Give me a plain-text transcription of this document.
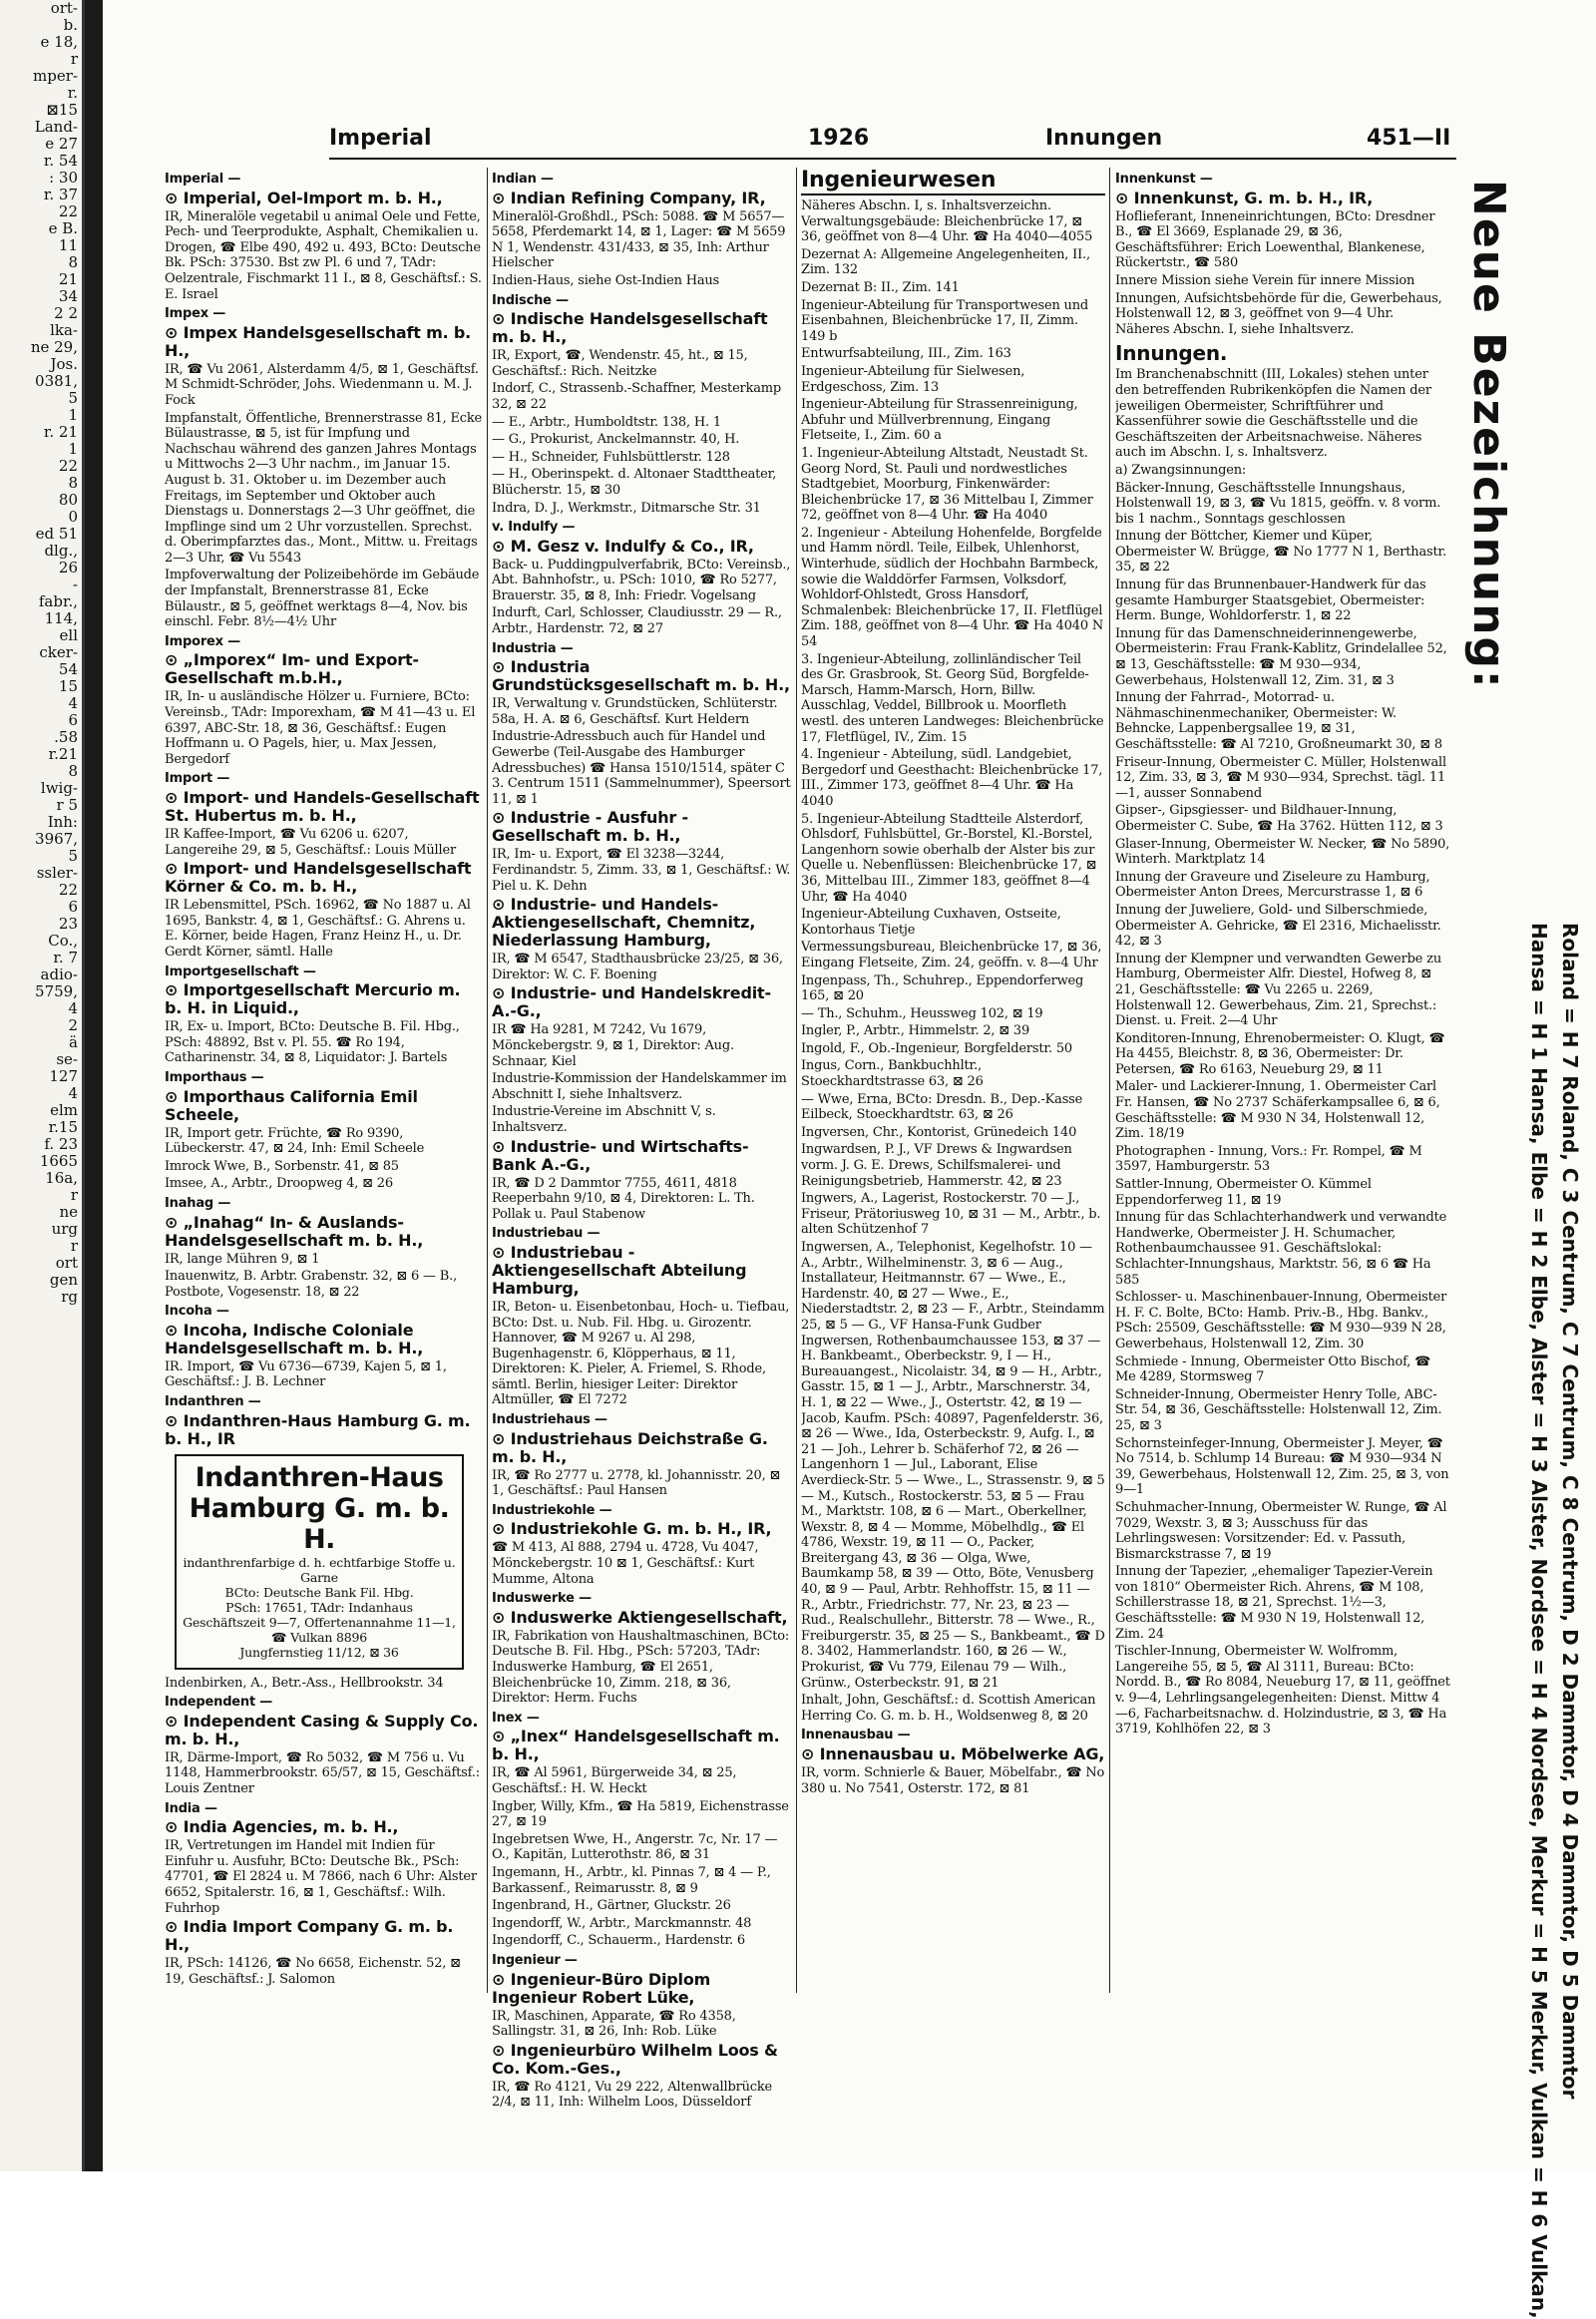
ort-
b.
e 18,
r
mper-
r.
⊠15
Land-
e 27
r. 54
: 30
r. 37
22
e B.
11
8
21
34
2 2
lka-
ne 29,
Jos.
0381,
5
1
r. 21
1
22
8
80
0
ed 51
dlg.,
26
-
fabr.,
114,
ell
cker-
54
15
4
6
.58
r.21
8
lwig-
r 5
Inh:
3967,
5
ssler-
22
6
23
Co.,
r. 7
adio-
5759,
4
2
ä
se-
127
4
elm
r.15
f. 23
1665
16a,
r
ne
urg
r
ort
gen
rg
Imperial	1926	Innungen	451—II
Imperial —
⊙ Imperial, Oel-Import m. b. H.,
IR, Mineralöle vegetabil u animal Oele und Fette, Pech- und Teerprodukte, Asphalt, Chemikalien u. Drogen, ☎ Elbe 490, 492 u. 493, BCto: Deutsche Bk. PSch: 37530. Bst zw Pl. 6 und 7, TAdr: Oelzentrale, Fischmarkt 11 I., ⊠ 8, Geschäftsf.: S. E. Israel
Impex —
⊙ Impex Handelsgesellschaft m. b. H.,
IR, ☎ Vu 2061, Alsterdamm 4/5, ⊠ 1, Geschäftsf. M Schmidt-Schröder, Johs. Wiedenmann u. M. J. Fock
Impfanstalt, Öffentliche, Brennerstrasse 81, Ecke Bülaustrasse, ⊠ 5, ist für Impfung und Nachschau während des ganzen Jahres Montags u Mittwochs 2—3 Uhr nachm., im Januar 15. August b. 31. Oktober u. im Dezember auch Freitags, im September und Oktober auch Dienstags u. Donnerstags 2—3 Uhr geöffnet, die Impflinge sind um 2 Uhr vorzustellen. Sprechst. d. Oberimpfarztes das., Mont., Mittw. u. Freitags 2—3 Uhr, ☎ Vu 5543
Impfoverwaltung der Polizeibehörde im Gebäude der Impfanstalt, Brennerstrasse 81, Ecke Bülaustr., ⊠ 5, geöffnet werktags 8—4, Nov. bis einschl. Febr. 8½—4½ Uhr
Imporex —
⊙ „Imporex“ Im- und Export-Gesellschaft m.b.H.,
IR, In- u ausländische Hölzer u. Furniere, BCto: Vereinsb., TAdr: Imporexham, ☎ M 41—43 u. El 6397, ABC-Str. 18, ⊠ 36, Geschäftsf.: Eugen Hoffmann u. O Pagels, hier, u. Max Jessen, Bergedorf
Import —
⊙ Import- und Handels-Gesellschaft St. Hubertus m. b. H.,
IR Kaffee-Import, ☎ Vu 6206 u. 6207, Langereihe 29, ⊠ 5, Geschäftsf.: Louis Müller
⊙ Import- und Handelsgesellschaft Körner & Co. m. b. H.,
IR Lebensmittel, PSch. 16962, ☎ No 1887 u. Al 1695, Bankstr. 4, ⊠ 1, Geschäftsf.: G. Ahrens u. E. Körner, beide Hagen, Franz Heinz H., u. Dr. Gerdt Körner, sämtl. Halle
Importgesellschaft —
⊙ Importgesellschaft Mercurio m. b. H. in Liquid.,
IR, Ex- u. Import, BCto: Deutsche B. Fil. Hbg., PSch: 48892, Bst v. Pl. 55. ☎ Ro 194, Catharinenstr. 34, ⊠ 8, Liquidator: J. Bartels
Importhaus —
⊙ Importhaus California Emil Scheele,
IR, Import getr. Früchte, ☎ Ro 9390, Lübeckerstr. 47, ⊠ 24, Inh: Emil Scheele
Imrock Wwe, B., Sorbenstr. 41, ⊠ 85
Imsee, A., Arbtr., Droopweg 4, ⊠ 26
Inahag —
⊙ „Inahag“ In- & Auslands-Handelsgesellschaft m. b. H.,
IR, lange Mühren 9, ⊠ 1
Inauenwitz, B. Arbtr. Grabenstr. 32, ⊠ 6 — B., Postbote, Vogesenstr. 18, ⊠ 22
Incoha —
⊙ Incoha, Indische Coloniale Handelsgesellschaft m. b. H.,
IR. Import, ☎ Vu 6736—6739, Kajen 5, ⊠ 1, Geschäftsf.: J. B. Lechner
Indanthren —
⊙ Indanthren-Haus Hamburg G. m. b. H., IR
Indanthren-Haus Hamburg G. m. b. H.
indanthrenfarbige d. h. echtfarbige Stoffe u. Garne
BCto: Deutsche Bank Fil. Hbg.
PSch: 17651, TAdr: Indanhaus
Geschäftszeit 9—7, Offertenannahme 11—1, ☎ Vulkan 8896
Jungfernstieg 11/12, ⊠ 36
Indenbirken, A., Betr.-Ass., Hellbrookstr. 34
Independent —
⊙ Independent Casing & Supply Co. m. b. H.,
IR, Därme-Import, ☎ Ro 5032, ☎ M 756 u. Vu 1148, Hammerbrookstr. 65/57, ⊠ 15, Geschäftsf.: Louis Zentner
India —
⊙ India Agencies, m. b. H.,
IR, Vertretungen im Handel mit Indien für Einfuhr u. Ausfuhr, BCto: Deutsche Bk., PSch: 47701, ☎ El 2824 u. M 7866, nach 6 Uhr: Alster 6652, Spitalerstr. 16, ⊠ 1, Geschäftsf.: Wilh. Fuhrhop
⊙ India Import Company G. m. b. H.,
IR, PSch: 14126, ☎ No 6658, Eichenstr. 52, ⊠ 19, Geschäftsf.: J. Salomon
Indian —
⊙ Indian Refining Company, IR,
Mineralöl-Großhdl., PSch: 5088. ☎ M 5657—5658, Pferdemarkt 14, ⊠ 1, Lager: ☎ M 5659 N 1, Wendenstr. 431/433, ⊠ 35, Inh: Arthur Hielscher
Indien-Haus, siehe Ost-Indien Haus
Indische —
⊙ Indische Handelsgesellschaft m. b. H.,
IR, Export, ☎, Wendenstr. 45, ht., ⊠ 15, Geschäftsf.: Rich. Neitzke
Indorf, C., Strassenb.-Schaffner, Mesterkamp 32, ⊠ 22
— E., Arbtr., Humboldtstr. 138, H. 1
— G., Prokurist, Anckelmannstr. 40, H.
— H., Schneider, Fuhlsbüttlerstr. 128
— H., Oberinspekt. d. Altonaer Stadttheater, Blücherstr. 15, ⊠ 30
Indra, D. J., Werkmstr., Ditmarsche Str. 31
v. Indulfy —
⊙ M. Gesz v. Indulfy & Co., IR,
Back- u. Puddingpulverfabrik, BCto: Vereinsb., Abt. Bahnhofstr., u. PSch: 1010, ☎ Ro 5277, Brauerstr. 35, ⊠ 8, Inh: Friedr. Vogelsang
Indurft, Carl, Schlosser, Claudiusstr. 29 — R., Arbtr., Hardenstr. 72, ⊠ 27
Industria —
⊙ Industria Grundstücksgesellschaft m. b. H.,
IR, Verwaltung v. Grundstücken, Schlüterstr. 58a, H. A. ⊠ 6, Geschäftsf. Kurt Heldern
Industrie-Adressbuch auch für Handel und Gewerbe (Teil-Ausgabe des Hamburger Adressbuches) ☎ Hansa 1510/1514, später C 3. Centrum 1511 (Sammelnummer), Speersort 11, ⊠ 1
⊙ Industrie - Ausfuhr - Gesellschaft m. b. H.,
IR, Im- u. Export, ☎ El 3238—3244, Ferdinandstr. 5, Zimm. 33, ⊠ 1, Geschäftsf.: W. Piel u. K. Dehn
⊙ Industrie- und Handels-Aktiengesellschaft, Chemnitz, Niederlassung Hamburg,
IR, ☎ M 6547, Stadthausbrücke 23/25, ⊠ 36, Direktor: W. C. F. Boening
⊙ Industrie- und Handelskredit-A.-G.,
IR ☎ Ha 9281, M 7242, Vu 1679, Mönckebergstr. 9, ⊠ 1, Direktor: Aug. Schnaar, Kiel
Industrie-Kommission der Handelskammer im Abschnitt I, siehe Inhaltsverz.
Industrie-Vereine im Abschnitt V, s. Inhaltsverz.
⊙ Industrie- und Wirtschafts-Bank A.-G.,
IR, ☎ D 2 Dammtor 7755, 4611, 4818 Reeperbahn 9/10, ⊠ 4, Direktoren: L. Th. Pollak u. Paul Stabenow
Industriebau —
⊙ Industriebau - Aktiengesellschaft Abteilung Hamburg,
IR, Beton- u. Eisenbetonbau, Hoch- u. Tiefbau, BCto: Dst. u. Nub. Fil. Hbg. u. Girozentr. Hannover, ☎ M 9267 u. Al 298, Bugenhagenstr. 6, Klöpperhaus, ⊠ 11, Direktoren: K. Pieler, A. Friemel, S. Rhode, sämtl. Berlin, hiesiger Leiter: Direktor Altmüller, ☎ El 7272
Industriehaus —
⊙ Industriehaus Deichstraße G. m. b. H.,
IR, ☎ Ro 2777 u. 2778, kl. Johannisstr. 20, ⊠ 1, Geschäftsf.: Paul Hansen
Industriekohle —
⊙ Industriekohle G. m. b. H., IR,
☎ M 413, Al 888, 2794 u. 4728, Vu 4047, Mönckebergstr. 10 ⊠ 1, Geschäftsf.: Kurt Mumme, Altona
Induswerke —
⊙ Induswerke Aktiengesellschaft,
IR, Fabrikation von Haushaltmaschinen, BCto: Deutsche B. Fil. Hbg., PSch: 57203, TAdr: Induswerke Hamburg, ☎ El 2651, Bleichenbrücke 10, Zimm. 218, ⊠ 36, Direktor: Herm. Fuchs
Inex —
⊙ „Inex“ Handelsgesellschaft m. b. H.,
IR, ☎ Al 5961, Bürgerweide 34, ⊠ 25, Geschäftsf.: H. W. Heckt
Ingber, Willy, Kfm., ☎ Ha 5819, Eichenstrasse 27, ⊠ 19
Ingebretsen Wwe, H., Angerstr. 7c, Nr. 17 — O., Kapitän, Lutterothstr. 86, ⊠ 31
Ingemann, H., Arbtr., kl. Pinnas 7, ⊠ 4 — P., Barkassenf., Reimarusstr. 8, ⊠ 9
Ingenbrand, H., Gärtner, Gluckstr. 26
Ingendorff, W., Arbtr., Marckmannstr. 48
Ingendorff, C., Schauerm., Hardenstr. 6
Ingenieur —
⊙ Ingenieur-Büro Diplom Ingenieur Robert Lüke,
IR, Maschinen, Apparate, ☎ Ro 4358, Sallingstr. 31, ⊠ 26, Inh: Rob. Lüke
⊙ Ingenieurbüro Wilhelm Loos & Co. Kom.-Ges.,
IR, ☎ Ro 4121, Vu 29 222, Altenwallbrücke 2/4, ⊠ 11, Inh: Wilhelm Loos, Düsseldorf
Ingenieurwesen
Näheres Abschn. I, s. Inhaltsverzeichn. Verwaltungsgebäude: Bleichenbrücke 17, ⊠ 36, geöffnet von 8—4 Uhr. ☎ Ha 4040—4055
Dezernat A: Allgemeine Angelegenheiten, II., Zim. 132
Dezernat B: II., Zim. 141
Ingenieur-Abteilung für Transportwesen und Eisenbahnen, Bleichenbrücke 17, II, Zimm. 149 b
Entwurfsabteilung, III., Zim. 163
Ingenieur-Abteilung für Sielwesen, Erdgeschoss, Zim. 13
Ingenieur-Abteilung für Strassenreinigung, Abfuhr und Müllverbrennung, Eingang Fletseite, I., Zim. 60 a
1. Ingenieur-Abteilung Altstadt, Neustadt St. Georg Nord, St. Pauli und nordwestliches Stadtgebiet, Moorburg, Finkenwärder: Bleichenbrücke 17, ⊠ 36 Mittelbau I, Zimmer 72, geöffnet von 8—4 Uhr. ☎ Ha 4040
2. Ingenieur - Abteilung Hohenfelde, Borgfelde und Hamm nördl. Teile, Eilbek, Uhlenhorst, Winterhude, südlich der Hochbahn Barmbeck, sowie die Walddörfer Farmsen, Volksdorf, Wohldorf-Ohlstedt, Gross Hansdorf, Schmalenbek: Bleichenbrücke 17, II. Fletflügel Zim. 188, geöffnet von 8—4 Uhr. ☎ Ha 4040 N 54
3. Ingenieur-Abteilung, zollinländischer Teil des Gr. Grasbrook, St. Georg Süd, Borgfelde-Marsch, Hamm-Marsch, Horn, Billw. Ausschlag, Veddel, Billbrook u. Moorfleth westl. des unteren Landweges: Bleichenbrücke 17, Fletflügel, IV., Zim. 15
4. Ingenieur - Abteilung, südl. Landgebiet, Bergedorf und Geesthacht: Bleichenbrücke 17, III., Zimmer 173, geöffnet 8—4 Uhr. ☎ Ha 4040
5. Ingenieur-Abteilung Stadtteile Alsterdorf, Ohlsdorf, Fuhlsbüttel, Gr.-Borstel, Kl.-Borstel, Langenhorn sowie oberhalb der Alster bis zur Quelle u. Nebenflüssen: Bleichenbrücke 17, ⊠ 36, Mittelbau III., Zimmer 183, geöffnet 8—4 Uhr, ☎ Ha 4040
Ingenieur-Abteilung Cuxhaven, Ostseite, Kontorhaus Tietje
Vermessungsbureau, Bleichenbrücke 17, ⊠ 36, Eingang Fletseite, Zim. 24, geöffn. v. 8—4 Uhr
Ingenpass, Th., Schuhrep., Eppendorferweg 165, ⊠ 20
— Th., Schuhm., Heussweg 102, ⊠ 19
Ingler, P., Arbtr., Himmelstr. 2, ⊠ 39
Ingold, F., Ob.-Ingenieur, Borgfelderstr. 50
Ingus, Corn., Bankbuchhltr., Stoeckhardtstrasse 63, ⊠ 26
— Wwe, Erna, BCto: Dresdn. B., Dep.-Kasse Eilbeck, Stoeckhardtstr. 63, ⊠ 26
Ingversen, Chr., Kontorist, Grünedeich 140
Ingwardsen, P. J., VF Drews & Ingwardsen vorm. J. G. E. Drews, Schilfsmalerei- und Reinigungsbetrieb, Hammerstr. 42, ⊠ 23
Ingwers, A., Lagerist, Rostockerstr. 70 — J., Friseur, Prätoriusweg 10, ⊠ 31 — M., Arbtr., b. alten Schützenhof 7
Ingwersen, A., Telephonist, Kegelhofstr. 10 — A., Arbtr., Wilhelminenstr. 3, ⊠ 6 — Aug., Installateur, Heitmannstr. 67 — Wwe., E., Hardenstr. 40, ⊠ 27 — Wwe., E., Niederstadtstr. 2, ⊠ 23 — F., Arbtr., Steindamm 25, ⊠ 5 — G., VF Hansa-Funk Gudber Ingwersen, Rothenbaumchaussee 153, ⊠ 37 — H. Bankbeamt., Oberbeckstr. 9, I — H., Bureauangest., Nicolaistr. 34, ⊠ 9 — H., Arbtr., Gasstr. 15, ⊠ 1 — J., Arbtr., Marschnerstr. 34, H. 1, ⊠ 22 — Wwe., J., Ostertstr. 42, ⊠ 19 — Jacob, Kaufm. PSch: 40897, Pagenfelderstr. 36, ⊠ 26 — Wwe., Ida, Osterbeckstr. 9, Aufg. I., ⊠ 21 — Joh., Lehrer b. Schäferhof 72, ⊠ 26 — Langenhorn 1 — Jul., Laborant, Elise Averdieck-Str. 5 — Wwe., L., Strassenstr. 9, ⊠ 5 — M., Kutsch., Rostockerstr. 53, ⊠ 5 — Frau M., Marktstr. 108, ⊠ 6 — Mart., Oberkellner, Wexstr. 8, ⊠ 4 — Momme, Möbelhdlg., ☎ El 4786, Wexstr. 19, ⊠ 11 — O., Packer, Breitergang 43, ⊠ 36 — Olga, Wwe, Baumkamp 58, ⊠ 39 — Otto, Böte, Venusberg 40, ⊠ 9 — Paul, Arbtr. Rehhoffstr. 15, ⊠ 11 — R., Arbtr., Friedrichstr. 77, Nr. 23, ⊠ 23 — Rud., Realschullehr., Bitterstr. 78 — Wwe., R., Freiburgerstr. 35, ⊠ 25 — S., Bankbeamt., ☎ D 8. 3402, Hammerlandstr. 160, ⊠ 26 — W., Prokurist, ☎ Vu 779, Eilenau 79 — Wilh., Grünw., Osterbeckstr. 91, ⊠ 21
Inhalt, John, Geschäftsf.: d. Scottish American Herring Co. G. m. b. H., Woldsenweg 8, ⊠ 20
Innenausbau —
⊙ Innenausbau u. Möbelwerke AG,
IR, vorm. Schnierle & Bauer, Möbelfabr., ☎ No 380 u. No 7541, Osterstr. 172, ⊠ 81
Innenkunst —
⊙ Innenkunst, G. m. b. H., IR,
Hoflieferant, Inneneinrichtungen, BCto: Dresdner B., ☎ El 3669, Esplanade 29, ⊠ 36, Geschäftsführer: Erich Loewenthal, Blankenese, Rückertstr., ☎ 580
Innere Mission siehe Verein für innere Mission
Innungen, Aufsichtsbehörde für die, Gewerbehaus, Holstenwall 12, ⊠ 3, geöffnet von 9—4 Uhr. Näheres Abschn. I, siehe Inhaltsverz.
Innungen.
Im Branchenabschnitt (III, Lokales) stehen unter den betreffenden Rubrikenköpfen die Namen der jeweiligen Obermeister, Schriftführer und Kassenführer sowie die Geschäftsstelle und die Geschäftszeiten der Arbeitsnachweise. Näheres auch im Abschn. I, s. Inhaltsverz.
a) Zwangsinnungen:
Bäcker-Innung, Geschäftsstelle Innungshaus, Holstenwall 19, ⊠ 3, ☎ Vu 1815, geöffn. v. 8 vorm. bis 1 nachm., Sonntags geschlossen
Innung der Böttcher, Kiemer und Küper, Obermeister W. Brügge, ☎ No 1777 N 1, Berthastr. 35, ⊠ 22
Innung für das Brunnenbauer-Handwerk für das gesamte Hamburger Staatsgebiet, Obermeister: Herm. Bunge, Wohldorferstr. 1, ⊠ 22
Innung für das Damenschneiderinnengewerbe, Obermeisterin: Frau Frank-Kablitz, Grindelallee 52, ⊠ 13, Geschäftsstelle: ☎ M 930—934, Gewerbehaus, Holstenwall 12, Zim. 31, ⊠ 3
Innung der Fahrrad-, Motorrad- u. Nähmaschinenmechaniker, Obermeister: W. Behncke, Lappenbergsallee 19, ⊠ 31, Geschäftsstelle: ☎ Al 7210, Großneumarkt 30, ⊠ 8
Friseur-Innung, Obermeister C. Müller, Holstenwall 12, Zim. 33, ⊠ 3, ☎ M 930—934, Sprechst. tägl. 11—1, ausser Sonnabend
Gipser-, Gipsgiesser- und Bildhauer-Innung, Obermeister C. Sube, ☎ Ha 3762. Hütten 112, ⊠ 3
Glaser-Innung, Obermeister W. Necker, ☎ No 5890, Winterh. Marktplatz 14
Innung der Graveure und Ziseleure zu Hamburg, Obermeister Anton Drees, Mercurstrasse 1, ⊠ 6
Innung der Juweliere, Gold- und Silberschmiede, Obermeister A. Gehricke, ☎ El 2316, Michaelisstr. 42, ⊠ 3
Innung der Klempner und verwandten Gewerbe zu Hamburg, Obermeister Alfr. Diestel, Hofweg 8, ⊠ 21, Geschäftsstelle: ☎ Vu 2265 u. 2269, Holstenwall 12. Gewerbehaus, Zim. 21, Sprechst.: Dienst. u. Freit. 2—4 Uhr
Konditoren-Innung, Ehrenobermeister: O. Klugt, ☎ Ha 4455, Bleichstr. 8, ⊠ 36, Obermeister: Dr. Petersen, ☎ Ro 6163, Neueburg 29, ⊠ 11
Maler- und Lackierer-Innung, 1. Obermeister Carl Fr. Hansen, ☎ No 2737 Schäferkampsallee 6, ⊠ 6, Geschäftsstelle: ☎ M 930 N 34, Holstenwall 12, Zim. 18/19
Photographen - Innung, Vors.: Fr. Rompel, ☎ M 3597, Hamburgerstr. 53
Sattler-Innung, Obermeister O. Kümmel Eppendorferweg 11, ⊠ 19
Innung für das Schlachterhandwerk und verwandte Handwerke, Obermeister J. H. Schumacher, Rothenbaumchaussee 91. Geschäftslokal: Schlachter-Innungshaus, Marktstr. 56, ⊠ 6 ☎ Ha 585
Schlosser- u. Maschinenbauer-Innung, Obermeister H. F. C. Bolte, BCto: Hamb. Priv.-B., Hbg. Bankv., PSch: 25509, Geschäftsstelle: ☎ M 930—939 N 28, Gewerbehaus, Holstenwall 12, Zim. 30
Schmiede - Innung, Obermeister Otto Bischof, ☎ Me 4289, Stormsweg 7
Schneider-Innung, Obermeister Henry Tolle, ABC-Str. 54, ⊠ 36, Geschäftsstelle: Holstenwall 12, Zim. 25, ⊠ 3
Schornsteinfeger-Innung, Obermeister J. Meyer, ☎ No 7514, b. Schlump 14 Bureau: ☎ M 930—934 N 39, Gewerbehaus, Holstenwall 12, Zim. 25, ⊠ 3, von 9—1
Schuhmacher-Innung, Obermeister W. Runge, ☎ Al 7029, Wexstr. 3, ⊠ 3; Ausschuss für das Lehrlingswesen: Vorsitzender: Ed. v. Passuth, Bismarckstrasse 7, ⊠ 19
Innung der Tapezier, „ehemaliger Tapezier-Verein von 1810“ Obermeister Rich. Ahrens, ☎ M 108, Schillerstrasse 18, ⊠ 21, Sprechst. 1½—3, Geschäftsstelle: ☎ M 930 N 19, Holstenwall 12, Zim. 24
Tischler-Innung, Obermeister W. Wolfromm, Langereihe 55, ⊠ 5, ☎ Al 3111, Bureau: BCto: Nordd. B., ☎ Ro 8084, Neueburg 17, ⊠ 11, geöffnet v. 9—4, Lehrlingsangelegenheiten: Dienst. Mittw 4—6, Facharbeitsnachw. d. Holzindustrie, ⊠ 3, ☎ Ha 3719, Kohlhöfen 22, ⊠ 3
Neue Bezeichnung:
Hansa = H 1 Hansa, Elbe = H 2 Elbe, Alster = H 3 Alster, Nordsee = H 4 Nordsee, Merkur = H 5 Merkur, Vulkan = H 6 Vulkan, Roland = H 7 Roland, C 3 Centrum, C 7 Centrum, C 8 Centrum, D 2 Dammtor, D 4 Dammtor, D 5 Dammtor
